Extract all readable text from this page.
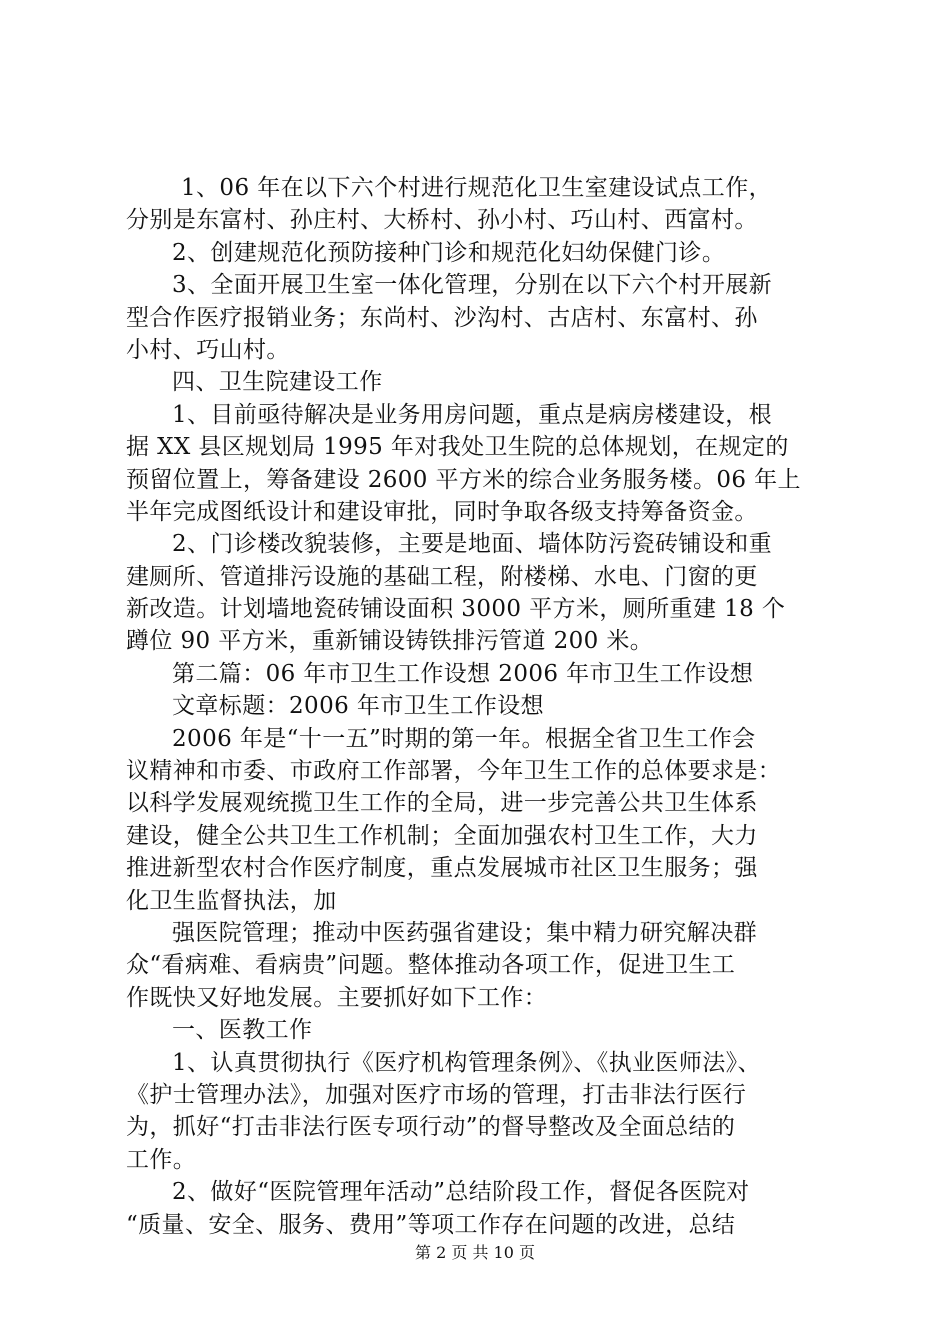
1、06 年在以下六个村进行规范化卫生室建设试点工作，
分别是东富村、孙庄村、大桥村、孙小村、巧山村、西富村。
2、创建规范化预防接种门诊和规范化妇幼保健门诊。
3、全面开展卫生室一体化管理，分别在以下六个村开展新
型合作医疗报销业务；东尚村、沙沟村、古店村、东富村、孙
小村、巧山村。
四、卫生院建设工作
1、目前亟待解决是业务用房问题，重点是病房楼建设，根
据 XX 县区规划局 1995 年对我处卫生院的总体规划，在规定的
预留位置上，筹备建设 2600 平方米的综合业务服务楼。06 年上
半年完成图纸设计和建设审批，同时争取各级支持筹备资金。
2、门诊楼改貌装修，主要是地面、墙体防污瓷砖铺设和重
建厕所、管道排污设施的基础工程，附楼梯、水电、门窗的更
新改造。计划墙地瓷砖铺设面积 3000 平方米，厕所重建 18 个
蹲位 90 平方米，重新铺设铸铁排污管道 200 米。
第二篇：06 年市卫生工作设想 2006 年市卫生工作设想
文章标题：2006 年市卫生工作设想
2006 年是“十一五”时期的第一年。根据全省卫生工作会
议精神和市委、市政府工作部署，今年卫生工作的总体要求是：
以科学发展观统揽卫生工作的全局，进一步完善公共卫生体系
建设，健全公共卫生工作机制；全面加强农村卫生工作，大力
推进新型农村合作医疗制度，重点发展城市社区卫生服务；强
化卫生监督执法，加
强医院管理；推动中医药强省建设；集中精力研究解决群
众“看病难、看病贵”问题。整体推动各项工作，促进卫生工
作既快又好地发展。主要抓好如下工作：
一、医教工作
1、认真贯彻执行《医疗机构管理条例》、《执业医师法》、
《护士管理办法》，加强对医疗市场的管理，打击非法行医行
为，抓好“打击非法行医专项行动”的督导整改及全面总结的
工作。
2、做好“医院管理年活动”总结阶段工作，督促各医院对
“质量、安全、服务、费用”等项工作存在问题的改进，总结
第 2 页 共 10 页
